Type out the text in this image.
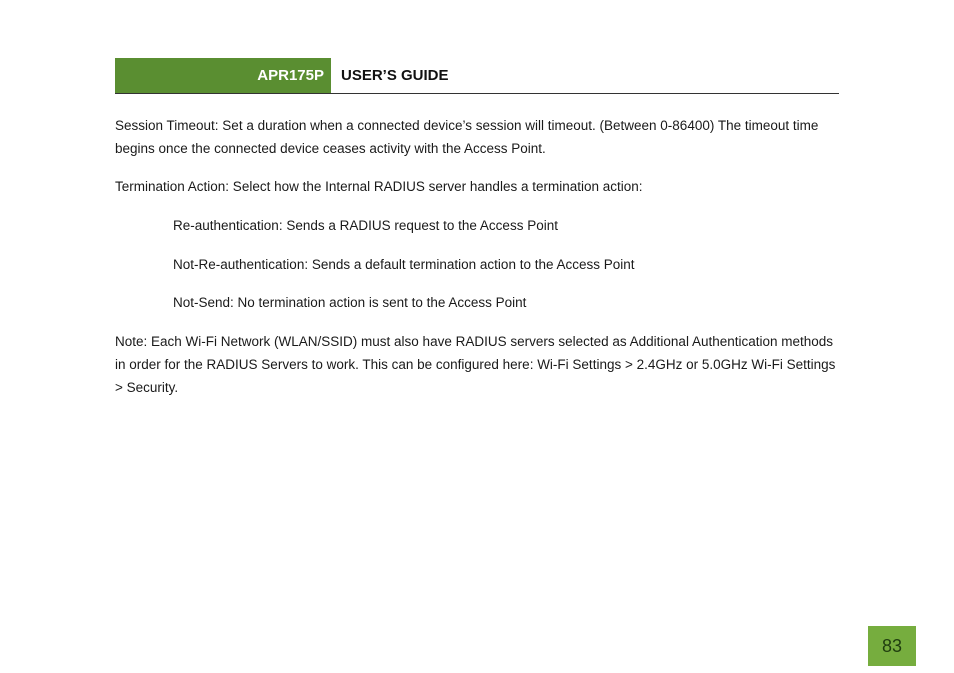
APR175P	USER’S GUIDE

Session Timeout: Set a duration when a connected device’s session will timeout. (Between 0-86400) The timeout time begins once the connected device ceases activity with the Access Point.

Termination Action: Select how the Internal RADIUS server handles a termination action:

Re-authentication: Sends a RADIUS request to the Access Point

Not-Re-authentication: Sends a default termination action to the Access Point

Not-Send: No termination action is sent to the Access Point

Note: Each Wi-Fi Network (WLAN/SSID) must also have RADIUS servers selected as Additional Authentication methods in order for the RADIUS Servers to work. This can be configured here: Wi-Fi Settings > 2.4GHz or 5.0GHz Wi-Fi Settings > Security.

83
